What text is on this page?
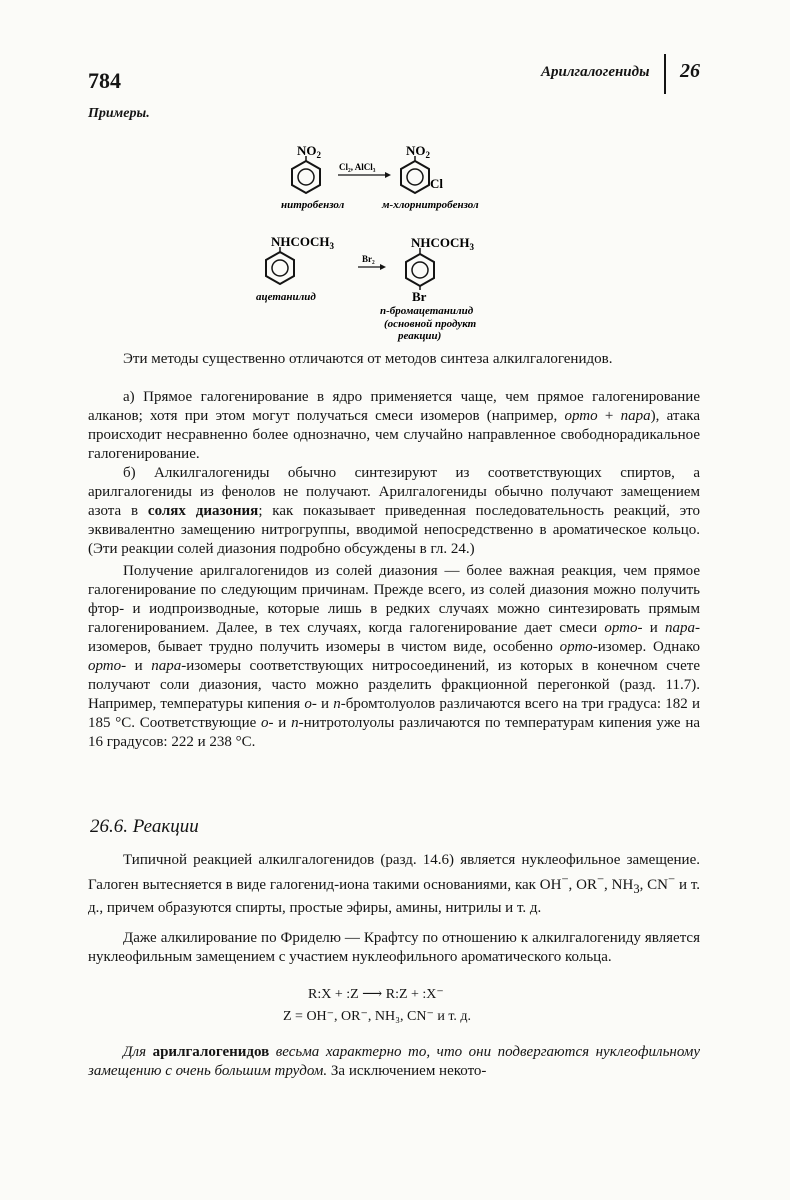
784	Арилгалогениды 26
Примеры.
$NO_2$
Cl₂, AlCl₃
$NO_2$
Cl
нитробензол	м-хлорнитробензол
$NHCOCH_3$
Br₂
$NHCOCH_3$
Br
ацетанилид
п-бромацетанилид
(основной продукт
реакции)

Эти методы существенно отличаются от методов синтеза алкилгалогенидов.

а) Прямое галогенирование в ядро применяется чаще, чем прямое галогенирование алканов; хотя при этом могут получаться смеси изомеров (например, орто + пара), атака происходит несравненно более однозначно, чем случайно направленное свободнорадикальное галогенирование.

б) Алкилгалогениды обычно синтезируют из соответствующих спиртов, а арилгалогениды из фенолов не получают. Арилгалогениды обычно получают замещением азота в солях диазония; как показывает приведенная последовательность реакций, это эквивалентно замещению нитрогруппы, вводимой непосредственно в ароматическое кольцо. (Эти реакции солей диазония подробно обсуждены в гл. 24.)

Получение арилгалогенидов из солей диазония — более важная реакция, чем прямое галогенирование по следующим причинам. Прежде всего, из солей диазония можно получить фтор- и иодпроизводные, которые лишь в редких случаях можно синтезировать прямым галогенированием. Далее, в тех случаях, когда галогенирование дает смеси орто- и пара-изомеров, бывает трудно получить изомеры в чистом виде, особенно орто-изомер. Однако орто- и пара-изомеры соответствующих нитросоединений, из которых в конечном счете получают соли диазония, часто можно разделить фракционной перегонкой (разд. 11.7). Например, температуры кипения о- и п-бромтолуолов различаются всего на три градуса: 182 и 185 °С. Соответствующие о- и п-нитротолуолы различаются по температурам кипения уже на 16 градусов: 222 и 238 °С.

26.6. Реакции

Типичной реакцией алкилгалогенидов (разд. 14.6) является нуклеофильное замещение. Галоген вытесняется в виде галогенид-иона такими основаниями, как OH−, OR−, $NH_3$, CN− и т. д., причем образуются спирты, простые эфиры, амины, нитрилы и т. д.

Даже алкилирование по Фриделю — Крафтсу по отношению к алкилгалогениду является нуклеофильным замещением с участием нуклеофильного ароматического кольца.

R:X + :Z ⟶ R:Z + :X⁻
Z = OH⁻, OR⁻, NH₃, CN⁻ и т. д.

Для арилгалогенидов весьма характерно то, что они подвергаются нуклеофильному замещению с очень большим трудом. За исключением некото-
